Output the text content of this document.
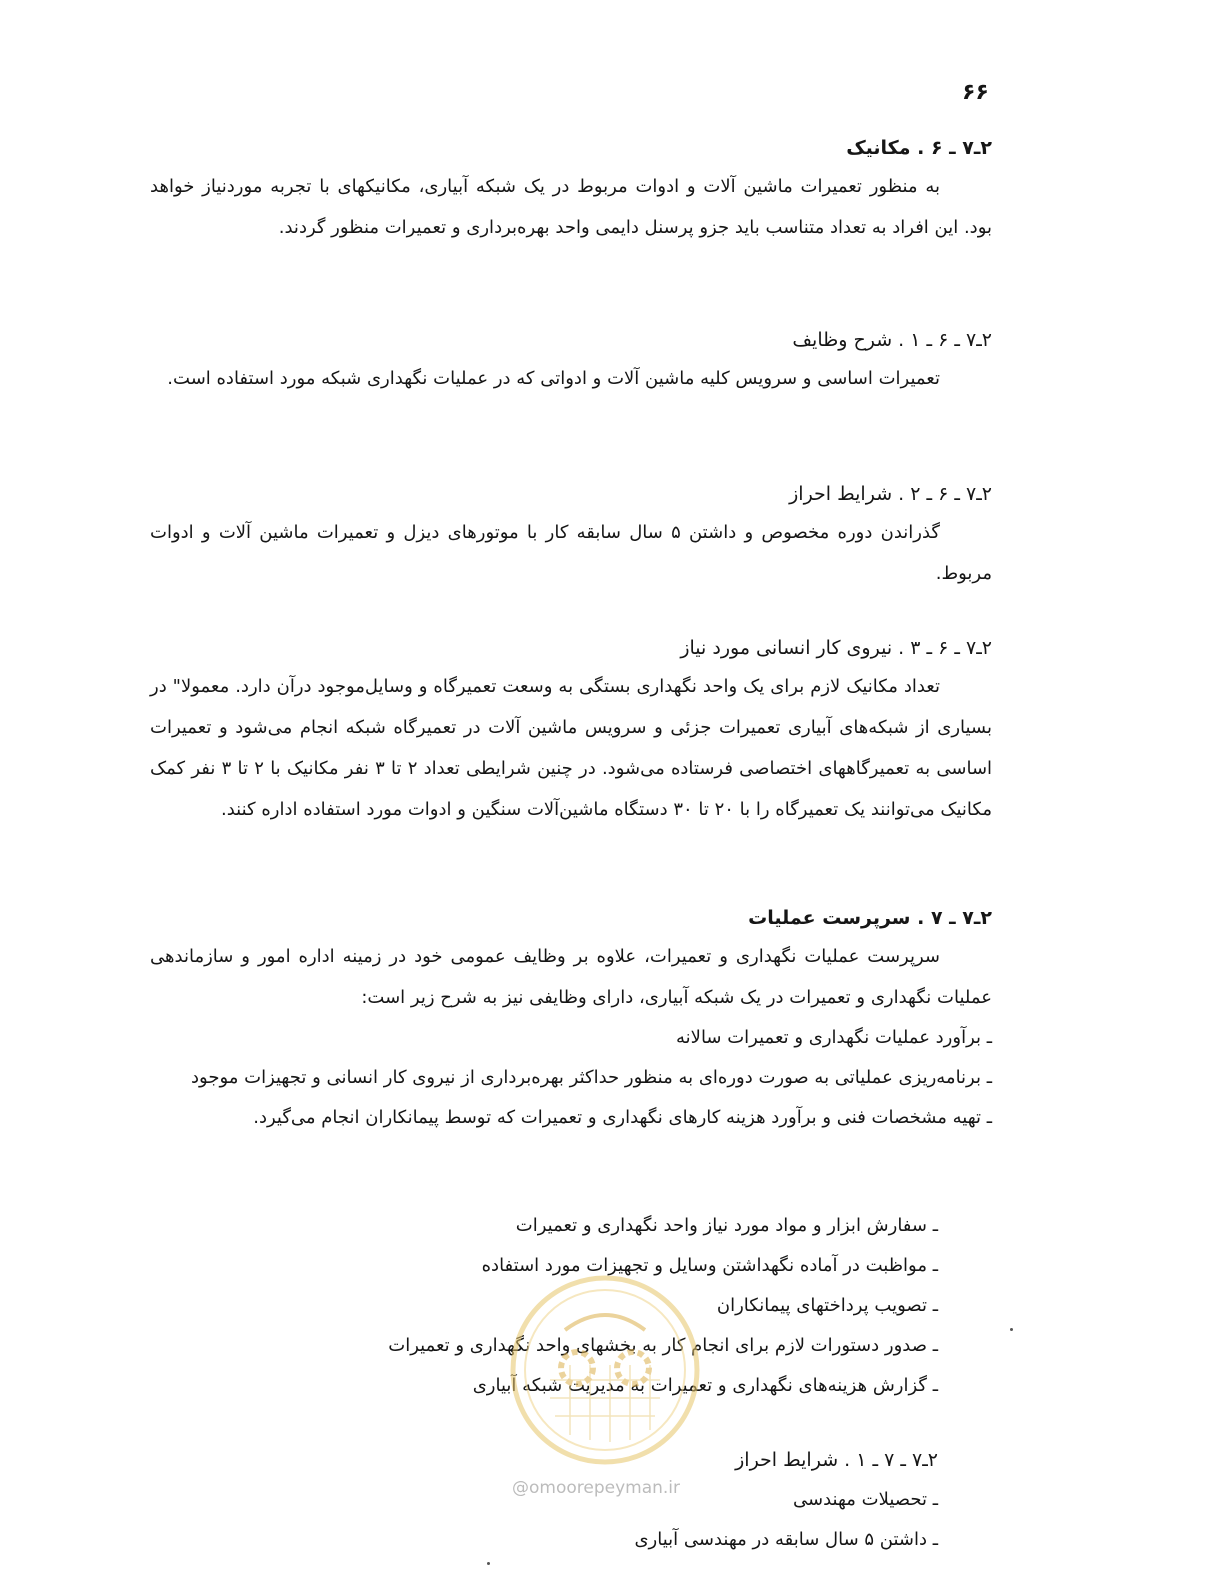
۶۶
۲ـ۷ ـ ۶ . مکانیک

به منظور تعمیرات ماشین آلات و ادوات مربوط در یک شبکه آبیاری، مکانیکهای با تجربه موردنیاز خواهد بود. این افراد به تعداد متناسب باید جزو پرسنل دایمی واحد بهره‌برداری و تعمیرات منظور گردند.

۲ـ۷ ـ ۶ ـ ۱ . شرح وظایف

تعمیرات اساسی و سرویس کلیه ماشین آلات و ادواتی که در عملیات نگهداری شبکه مورد استفاده است.

۲ـ۷ ـ ۶ ـ ۲ . شرایط احراز

گذراندن دوره مخصوص و داشتن ۵ سال سابقه کار با موتورهای دیزل و تعمیرات ماشین آلات و ادوات مربوط.

۲ـ۷ ـ ۶ ـ ۳ . نیروی کار انسانی مورد نیاز

تعداد مکانیک لازم برای یک واحد نگهداری بستگی به وسعت تعمیرگاه و وسایل‌موجود در‌آن دارد. معمولا" در بسیاری از شبکه‌های آبیاری تعمیرات جزئی و سرویس ماشین آلات در تعمیرگاه شبکه انجام می‌شود و تعمیرات اساسی به تعمیرگاههای اختصاصی فرستاده می‌شود. در چنین شرایطی تعداد ۲ تا ۳ نفر مکانیک با ۲ تا ۳ نفر کمک مکانیک می‌توانند یک تعمیرگاه را با ۲۰ تا ۳۰ دستگاه ماشین‌آلات سنگین و ادوات مورد استفاده اداره کنند.

۲ـ۷ ـ ۷ . سرپرست عملیات

سرپرست عملیات نگهداری و تعمیرات، علاوه بر وظایف عمومی خود در زمینه اداره امور و سازماندهی عملیات نگهداری و تعمیرات در یک شبکه آبیاری، دارای وظایفی نیز به شرح زیر است:

ـ برآورد عملیات نگهداری و تعمیرات سالانه

ـ برنامه‌ریزی عملیاتی به صورت دوره‌ای به منظور حداکثر بهره‌برداری از نیروی کار انسانی و تجهیزات موجود

ـ تهیه مشخصات فنی و برآورد هزینه کارهای نگهداری و تعمیرات که توسط پیمانکاران انجام می‌گیرد.

ـ سفارش ابزار و مواد مورد نیاز واحد نگهداری و تعمیرات
ـ مواظبت در آماده نگهداشتن وسایل و تجهیزات مورد استفاده
ـ تصویب پرداختهای پیمانکاران
ـ صدور دستورات لازم برای انجام کار به بخشهای واحد نگهداری و تعمیرات
ـ گزارش هزینه‌های نگهداری و تعمیرات به مدیریت شبکه آبیاری
۲ـ۷ ـ ۷ ـ ۱ . شرایط احراز
ـ تحصیلات مهندسی
ـ داشتن ۵ سال سابقه در مهندسی آبیاری
@omoorepeyman.ir
